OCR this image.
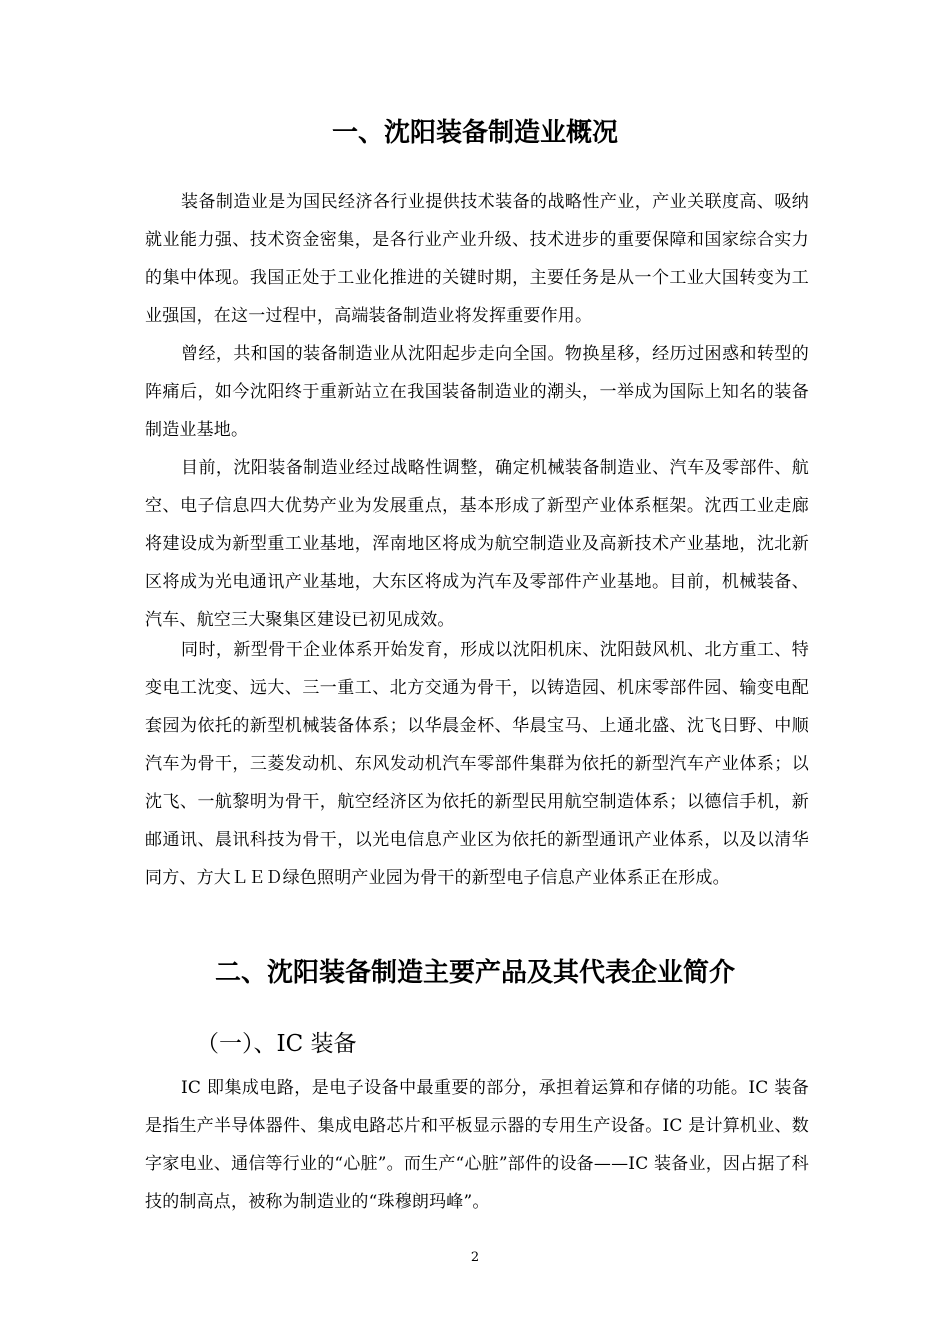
一、沈阳装备制造业概况

装备制造业是为国民经济各行业提供技术装备的战略性产业，产业关联度高、吸纳就业能力强、技术资金密集，是各行业产业升级、技术进步的重要保障和国家综合实力的集中体现。我国正处于工业化推进的关键时期，主要任务是从一个工业大国转变为工业强国，在这一过程中，高端装备制造业将发挥重要作用。

曾经，共和国的装备制造业从沈阳起步走向全国。物换星移，经历过困惑和转型的阵痛后，如今沈阳终于重新站立在我国装备制造业的潮头，一举成为国际上知名的装备制造业基地。

目前，沈阳装备制造业经过战略性调整，确定机械装备制造业、汽车及零部件、航空、电子信息四大优势产业为发展重点，基本形成了新型产业体系框架。沈西工业走廊将建设成为新型重工业基地，浑南地区将成为航空制造业及高新技术产业基地，沈北新区将成为光电通讯产业基地，大东区将成为汽车及零部件产业基地。目前，机械装备、汽车、航空三大聚集区建设已初见成效。

同时，新型骨干企业体系开始发育，形成以沈阳机床、沈阳鼓风机、北方重工、特变电工沈变、远大、三一重工、北方交通为骨干，以铸造园、机床零部件园、输变电配套园为依托的新型机械装备体系；以华晨金杯、华晨宝马、上通北盛、沈飞日野、中顺汽车为骨干，三菱发动机、东风发动机汽车零部件集群为依托的新型汽车产业体系；以沈飞、一航黎明为骨干，航空经济区为依托的新型民用航空制造体系；以德信手机，新邮通讯、晨讯科技为骨干，以光电信息产业区为依托的新型通讯产业体系，以及以清华同方、方大ＬＥＤ绿色照明产业园为骨干的新型电子信息产业体系正在形成。

二、沈阳装备制造主要产品及其代表企业简介
（一）、IC 装备

IC 即集成电路，是电子设备中最重要的部分，承担着运算和存储的功能。IC 装备是指生产半导体器件、集成电路芯片和平板显示器的专用生产设备。IC 是计算机业、数字家电业、通信等行业的“心脏”。而生产“心脏”部件的设备——IC 装备业，因占据了科技的制高点，被称为制造业的“珠穆朗玛峰”。

2
